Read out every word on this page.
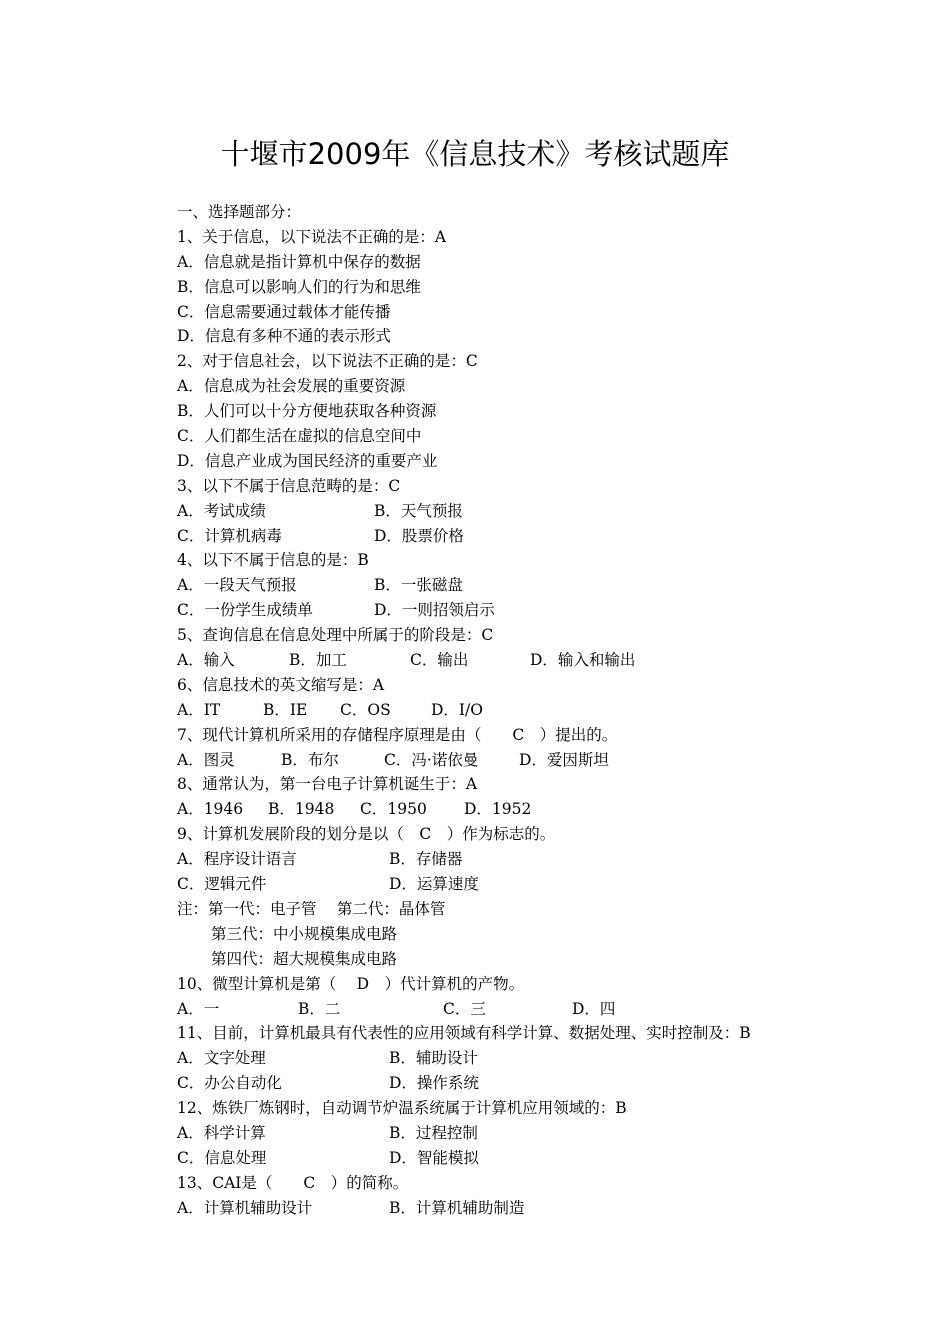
十堰市2009年《信息技术》考核试题库
一、选择题部分：
1、关于信息，以下说法不正确的是：A
A．信息就是指计算机中保存的数据
B．信息可以影响人们的行为和思维
C．信息需要通过载体才能传播
D．信息有多种不通的表示形式
2、对于信息社会，以下说法不正确的是：C
A．信息成为社会发展的重要资源
B．人们可以十分方便地获取各种资源
C．人们都生活在虚拟的信息空间中
D．信息产业成为国民经济的重要产业
3、以下不属于信息范畴的是：C
A．考试成绩	B．天气预报
C．计算机病毒	D．股票价格
4、以下不属于信息的是：B
A．一段天气预报	B．一张磁盘
C．一份学生成绩单	D．一则招领启示
5、查询信息在信息处理中所属于的阶段是：C
A．输入	B．加工	C．输出	D．输入和输出
6、信息技术的英文缩写是：A
A．IT	B．IE C．OS	D．I/O
7、现代计算机所采用的存储程序原理是由（　　C　）提出的。
A．图灵	B．布尔	C．冯·诺依曼	D．爱因斯坦
8、通常认为，第一台电子计算机诞生于：A
A．1946 B．1948 C．1950 D．1952
9、计算机发展阶段的划分是以（　C　）作为标志的。
A．程序设计语言	B．存储器
C．逻辑元件	D．运算速度
注：第一代：电子管　 第二代：晶体管
第三代：中小规模集成电路
第四代：超大规模集成电路
10、微型计算机是第（　 D　）代计算机的产物。
A．一	B．二	C．三	D．四
11、目前，计算机最具有代表性的应用领域有科学计算、数据处理、实时控制及：B
A．文字处理	B．辅助设计
C．办公自动化	D．操作系统
12、炼铁厂炼钢时，自动调节炉温系统属于计算机应用领域的：B
A．科学计算	B．过程控制
C．信息处理	D．智能模拟
13、CAI是（　　C　）的简称。
A．计算机辅助设计	B．计算机辅助制造
